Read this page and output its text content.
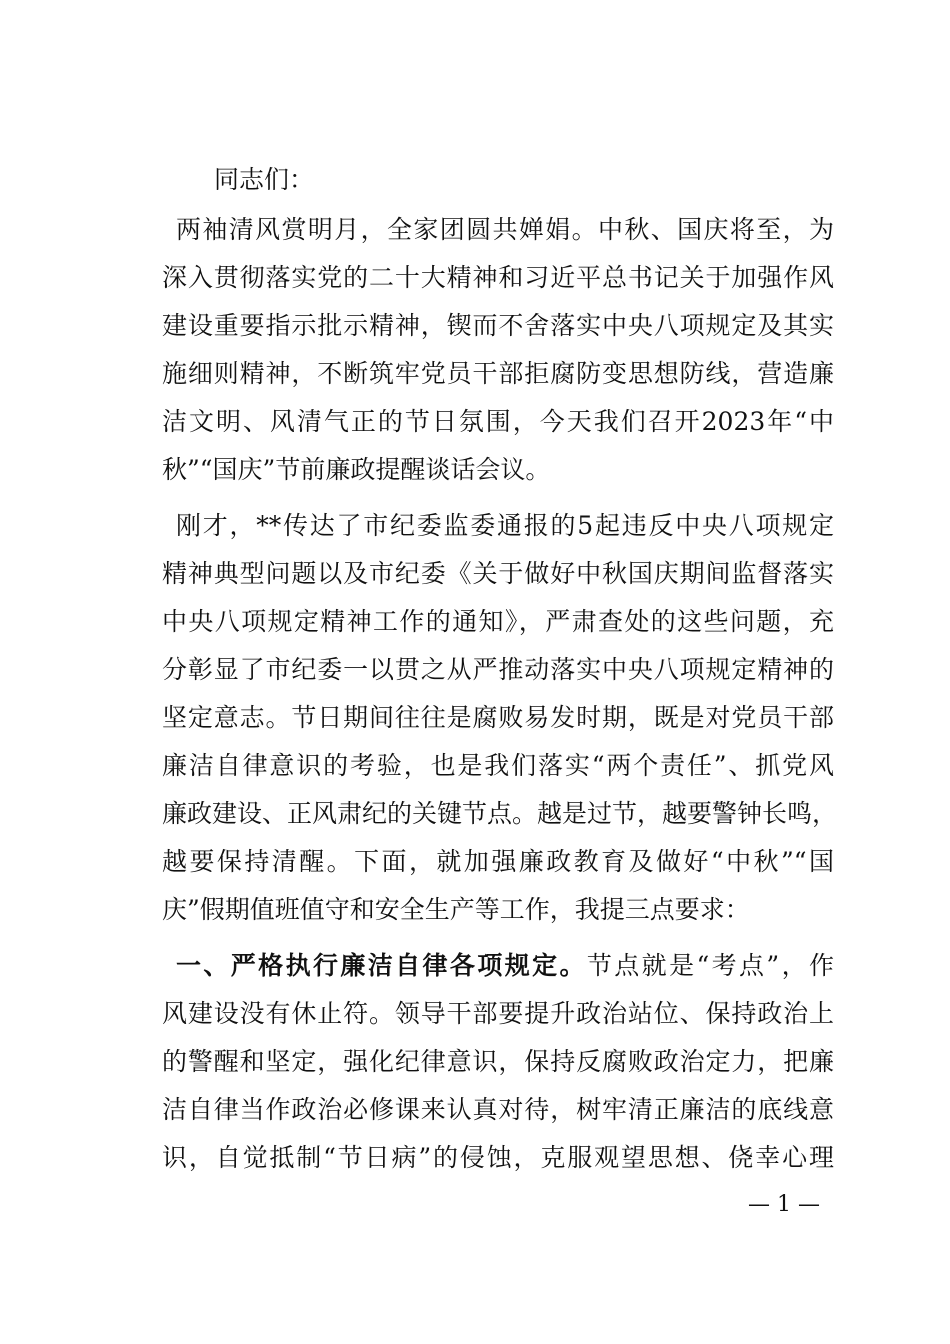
同志们：
两袖清风赏明月，全家团圆共婵娟。中秋、国庆将至，为
深入贯彻落实党的二十大精神和习近平总书记关于加强作风
建设重要指示批示精神，锲而不舍落实中央八项规定及其实
施细则精神，不断筑牢党员干部拒腐防变思想防线，营造廉
洁文明、风清气正的节日氛围，今天我们召开2023年“中
秋”“国庆”节前廉政提醒谈话会议。
刚才，**传达了市纪委监委通报的5起违反中央八项规定
精神典型问题以及市纪委《关于做好中秋国庆期间监督落实
中央八项规定精神工作的通知》，严肃查处的这些问题，充
分彰显了市纪委一以贯之从严推动落实中央八项规定精神的
坚定意志。节日期间往往是腐败易发时期，既是对党员干部
廉洁自律意识的考验，也是我们落实“两个责任”、抓党风
廉政建设、正风肃纪的关键节点。越是过节，越要警钟长鸣，
越要保持清醒。下面，就加强廉政教育及做好“中秋”“国
庆”假期值班值守和安全生产等工作，我提三点要求：
一、严格执行廉洁自律各项规定。节点就是“考点”，作
风建设没有休止符。领导干部要提升政治站位、保持政治上
的警醒和坚定，强化纪律意识，保持反腐败政治定力，把廉
洁自律当作政治必修课来认真对待，树牢清正廉洁的底线意
识，自觉抵制“节日病”的侵蚀，克服观望思想、侥幸心理
— 1 —
